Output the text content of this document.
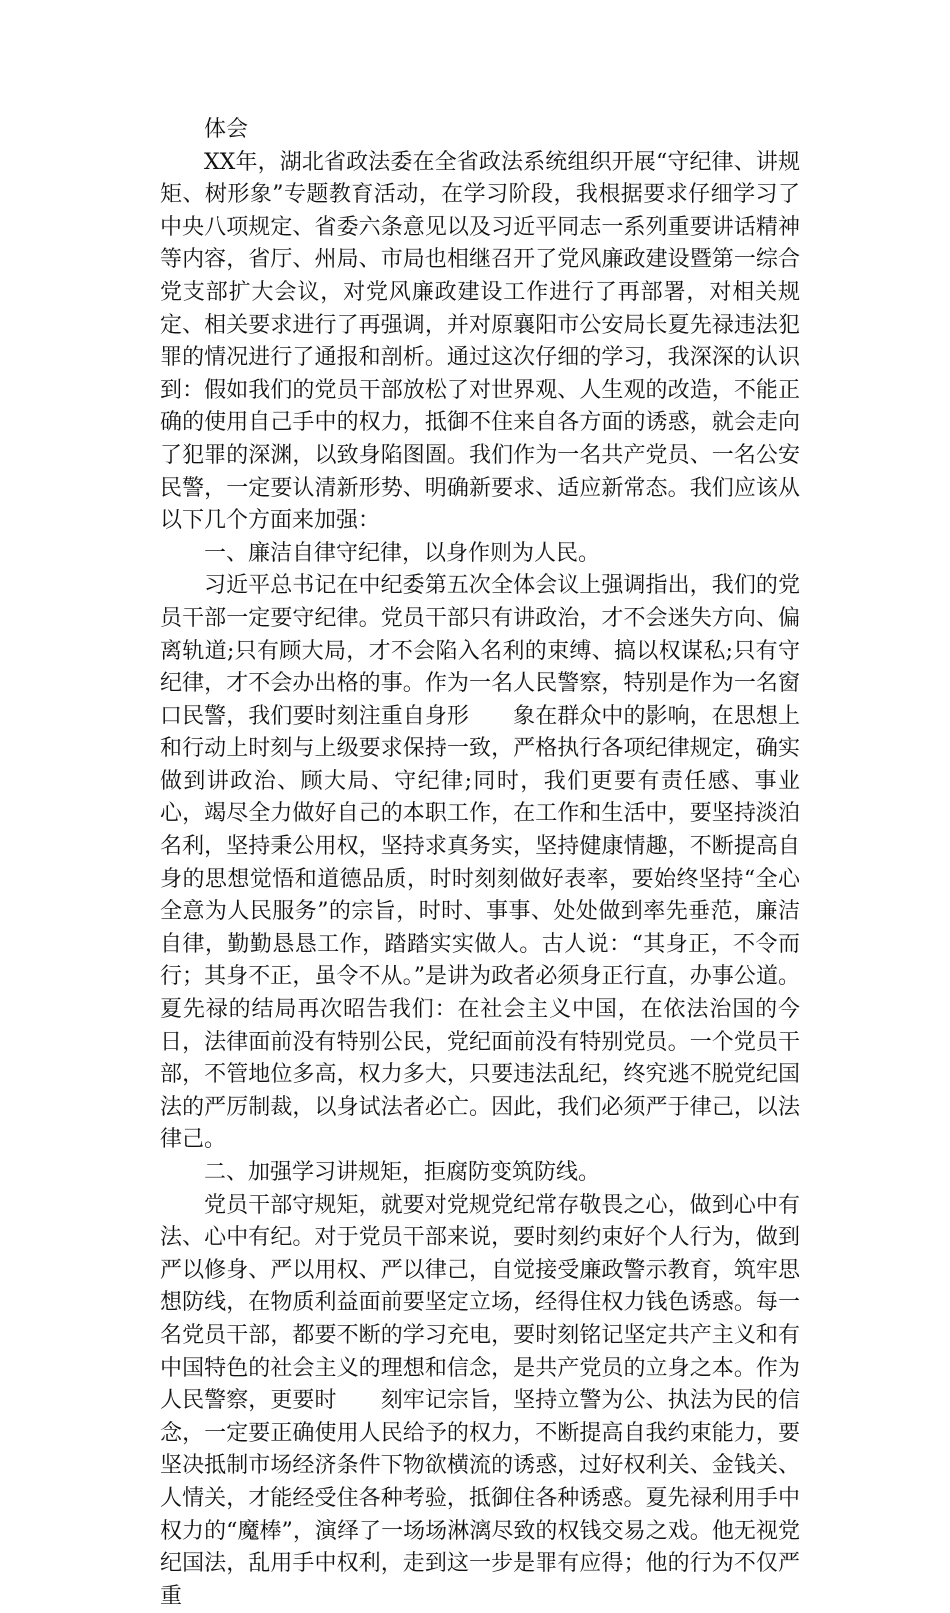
体会

XX年，湖北省政法委在全省政法系统组织开展“守纪律、讲规矩、树形象”专题教育活动，在学习阶段，我根据要求仔细学习了中央八项规定、省委六条意见以及习近平同志一系列重要讲话精神等内容，省厅、州局、市局也相继召开了党风廉政建设暨第一综合党支部扩大会议，对党风廉政建设工作进行了再部署，对相关规定、相关要求进行了再强调，并对原襄阳市公安局长夏先禄违法犯罪的情况进行了通报和剖析。通过这次仔细的学习，我深深的认识到：假如我们的党员干部放松了对世界观、人生观的改造，不能正确的使用自己手中的权力，抵御不住来自各方面的诱惑，就会走向了犯罪的深渊，以致身陷图圄。我们作为一名共产党员、一名公安民警，一定要认清新形势、明确新要求、适应新常态。我们应该从以下几个方面来加强：

一、廉洁自律守纪律，以身作则为人民。

习近平总书记在中纪委第五次全体会议上强调指出，我们的党员干部一定要守纪律。党员干部只有讲政治，才不会迷失方向、偏离轨道;只有顾大局，才不会陷入名利的束缚、搞以权谋私;只有守纪律，才不会办出格的事。作为一名人民警察，特别是作为一名窗口民警，我们要时刻注重自身形　　象在群众中的影响，在思想上和行动上时刻与上级要求保持一致，严格执行各项纪律规定，确实做到讲政治、顾大局、守纪律;同时，我们更要有责任感、事业心，竭尽全力做好自己的本职工作，在工作和生活中，要坚持淡泊名利，坚持秉公用权，坚持求真务实，坚持健康情趣，不断提高自身的思想觉悟和道德品质，时时刻刻做好表率，要始终坚持“全心全意为人民服务”的宗旨，时时、事事、处处做到率先垂范，廉洁自律，勤勤恳恳工作，踏踏实实做人。古人说：“其身正，不令而行；其身不正，虽令不从。”是讲为政者必须身正行直，办事公道。夏先禄的结局再次昭告我们：在社会主义中国，在依法治国的今日，法律面前没有特别公民，党纪面前没有特别党员。一个党员干部，不管地位多高，权力多大，只要违法乱纪，终究逃不脱党纪国法的严厉制裁，以身试法者必亡。因此，我们必须严于律己，以法律己。

二、加强学习讲规矩，拒腐防变筑防线。

党员干部守规矩，就要对党规党纪常存敬畏之心，做到心中有法、心中有纪。对于党员干部来说，要时刻约束好个人行为，做到严以修身、严以用权、严以律己，自觉接受廉政警示教育，筑牢思想防线，在物质利益面前要坚定立场，经得住权力钱色诱惑。每一名党员干部，都要不断的学习充电，要时刻铭记坚定共产主义和有中国特色的社会主义的理想和信念，是共产党员的立身之本。作为人民警察，更要时　　刻牢记宗旨，坚持立警为公、执法为民的信念，一定要正确使用人民给予的权力，不断提高自我约束能力，要坚决抵制市场经济条件下物欲横流的诱惑，过好权利关、金钱关、人情关，才能经受住各种考验，抵御住各种诱惑。夏先禄利用手中权力的“魔棒”，演绎了一场场淋漓尽致的权钱交易之戏。他无视党纪国法，乱用手中权利，走到这一步是罪有应得；他的行为不仅严重
